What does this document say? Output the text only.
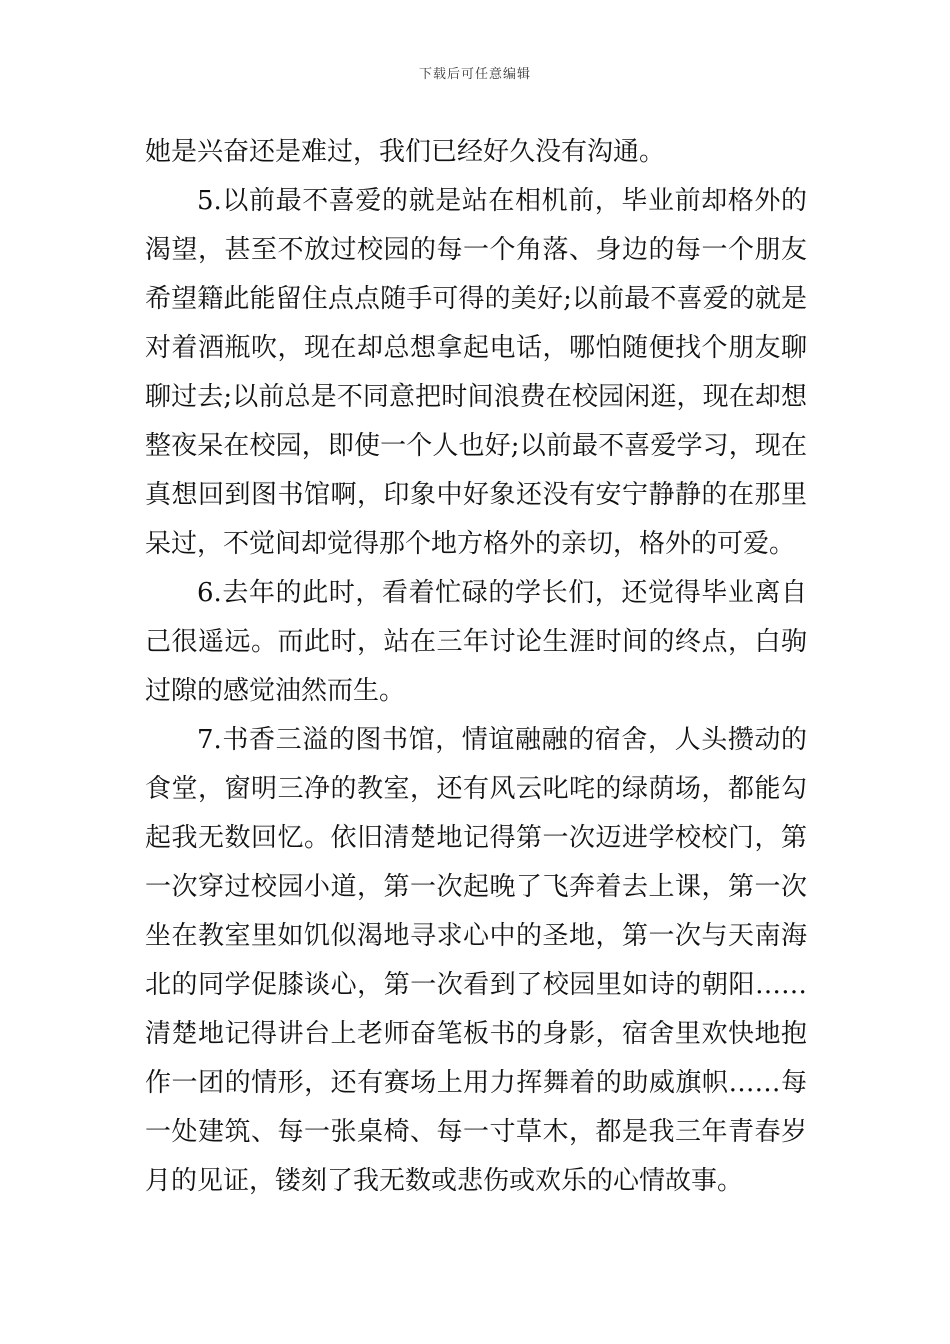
下载后可任意编辑
她是兴奋还是难过，我们已经好久没有沟通。
5.以前最不喜爱的就是站在相机前，毕业前却格外的
渴望，甚至不放过校园的每一个角落、身边的每一个朋友
希望籍此能留住点点随手可得的美好;以前最不喜爱的就是
对着酒瓶吹，现在却总想拿起电话，哪怕随便找个朋友聊
聊过去;以前总是不同意把时间浪费在校园闲逛，现在却想
整夜呆在校园，即使一个人也好;以前最不喜爱学习，现在
真想回到图书馆啊，印象中好象还没有安宁静静的在那里
呆过，不觉间却觉得那个地方格外的亲切，格外的可爱。
6.去年的此时，看着忙碌的学长们，还觉得毕业离自
己很遥远。而此时，站在三年讨论生涯时间的终点，白驹
过隙的感觉油然而生。
7.书香三溢的图书馆，情谊融融的宿舍，人头攒动的
食堂，窗明三净的教室，还有风云叱咤的绿荫场，都能勾
起我无数回忆。依旧清楚地记得第一次迈进学校校门，第
一次穿过校园小道，第一次起晚了飞奔着去上课，第一次
坐在教室里如饥似渴地寻求心中的圣地，第一次与天南海
北的同学促膝谈心，第一次看到了校园里如诗的朝阳……
清楚地记得讲台上老师奋笔板书的身影，宿舍里欢快地抱
作一团的情形，还有赛场上用力挥舞着的助威旗帜……每
一处建筑、每一张桌椅、每一寸草木，都是我三年青春岁
月的见证，镂刻了我无数或悲伤或欢乐的心情故事。
